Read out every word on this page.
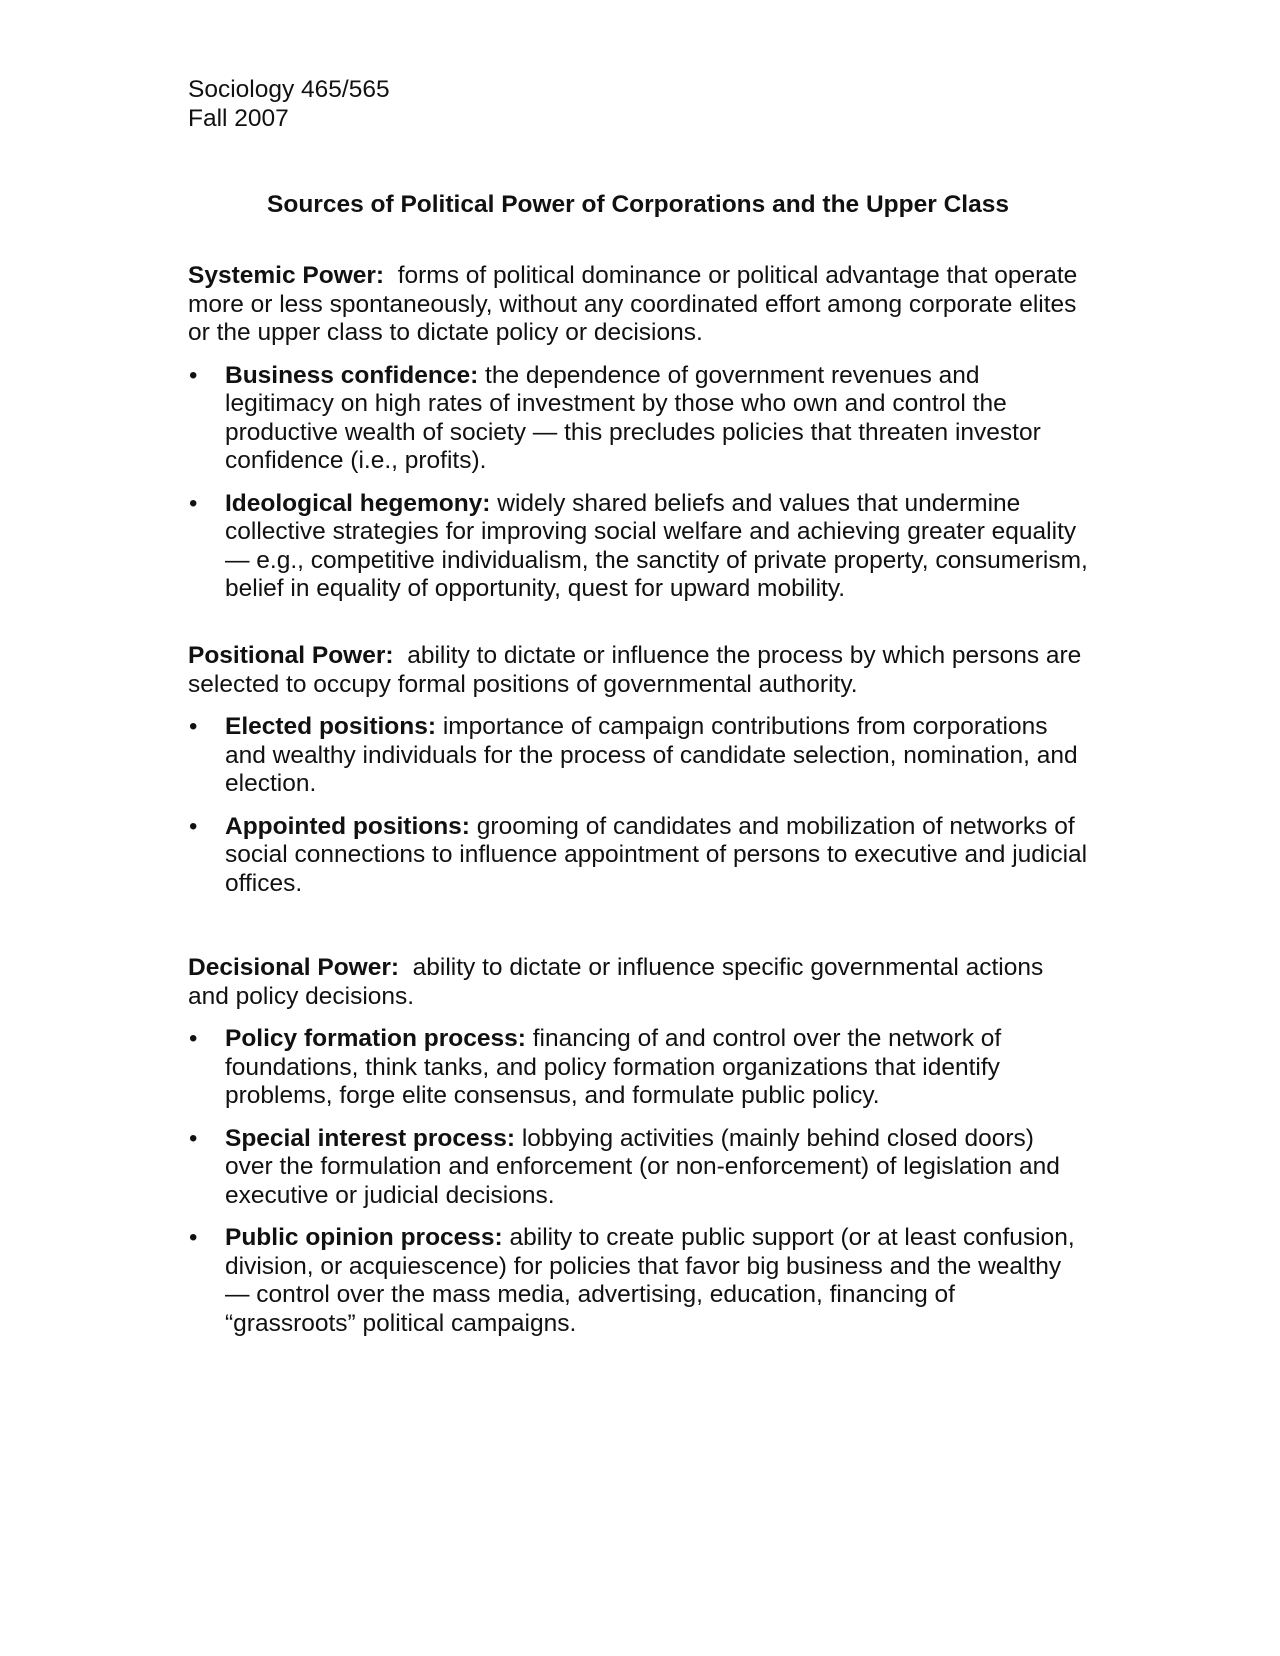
Sociology 465/565
Fall 2007
Sources of Political Power of Corporations and the Upper Class

Systemic Power: forms of political dominance or political advantage that operate more or less spontaneously, without any coordinated effort among corporate elites or the upper class to dictate policy or decisions.

• Business confidence: the dependence of government revenues and legitimacy on high rates of investment by those who own and control the productive wealth of society — this precludes policies that threaten investor confidence (i.e., profits).
• Ideological hegemony: widely shared beliefs and values that undermine collective strategies for improving social welfare and achieving greater equality — e.g., competitive individualism, the sanctity of private property, consumerism, belief in equality of opportunity, quest for upward mobility.

Positional Power: ability to dictate or influence the process by which persons are selected to occupy formal positions of governmental authority.

• Elected positions: importance of campaign contributions from corporations and wealthy individuals for the process of candidate selection, nomination, and election.
• Appointed positions: grooming of candidates and mobilization of networks of social connections to influence appointment of persons to executive and judicial offices.

Decisional Power: ability to dictate or influence specific governmental actions and policy decisions.

• Policy formation process: financing of and control over the network of foundations, think tanks, and policy formation organizations that identify problems, forge elite consensus, and formulate public policy.
• Special interest process: lobbying activities (mainly behind closed doors) over the formulation and enforcement (or non-enforcement) of legislation and executive or judicial decisions.
• Public opinion process: ability to create public support (or at least confusion, division, or acquiescence) for policies that favor big business and the wealthy — control over the mass media, advertising, education, financing of “grassroots” political campaigns.
